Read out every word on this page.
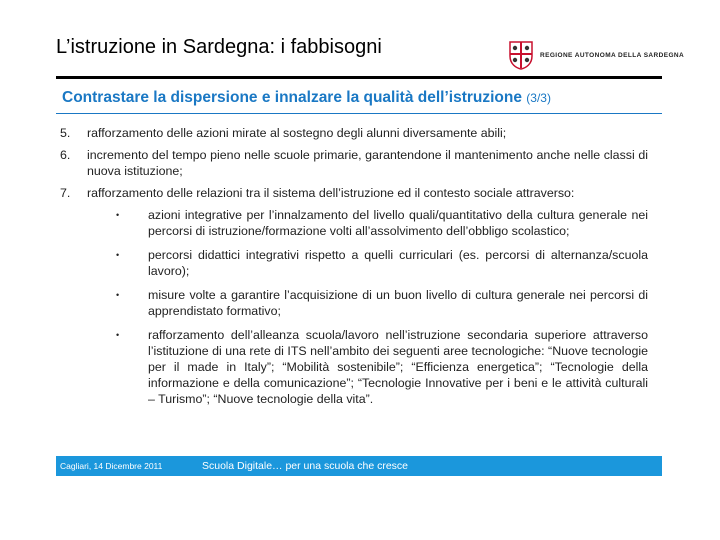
L’istruzione in Sardegna: i fabbisogni	REGIONE AUTONOMA DELLA SARDEGNA
Contrastare la dispersione e innalzare la qualità dell’istruzione (3/3)
5.	rafforzamento delle azioni mirate al sostegno degli alunni diversamente abili;
6.	incremento del tempo pieno nelle scuole primarie, garantendone il mantenimento anche nelle classi di nuova istituzione;
7.	rafforzamento delle relazioni tra il sistema dell’istruzione ed il contesto sociale attraverso:
•	azioni integrative per l’innalzamento del livello quali/quantitativo della cultura generale nei percorsi di istruzione/formazione volti all’assolvimento dell’obbligo scolastico;
•	percorsi didattici integrativi rispetto a quelli curriculari (es. percorsi di alternanza/scuola lavoro);
•	misure volte a garantire l’acquisizione di un buon livello di cultura generale nei percorsi di apprendistato formativo;
•	rafforzamento dell’alleanza scuola/lavoro nell’istruzione secondaria superiore attraverso l’istituzione di una rete di ITS nell’ambito dei seguenti aree tecnologiche: “Nuove tecnologie per il made in Italy”; “Mobilità sostenibile”; “Efficienza energetica”; “Tecnologie della informazione e della comunicazione”; “Tecnologie Innovative per i beni e le attività culturali – Turismo”; “Nuove tecnologie della vita”.
Cagliari, 14 Dicembre 2011	Scuola Digitale… per una scuola che cresce
